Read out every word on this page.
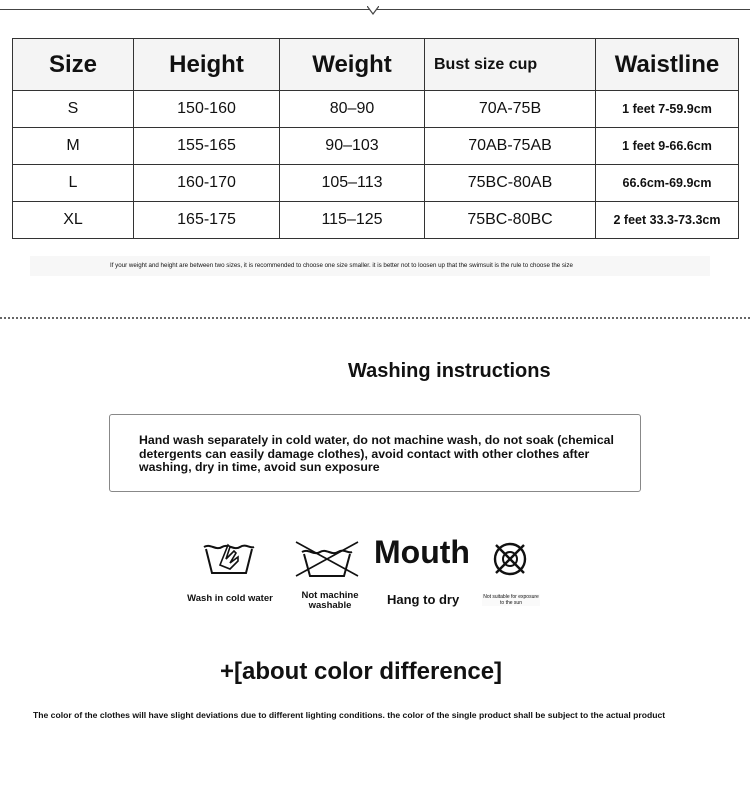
Size	Height	Weight	Bust size cup	Waistline
S	150-160	80–90	70A-75B	1 feet 7-59.9cm
M	155-165	90–103	70AB-75AB	1 feet 9-66.6cm
L	160-170	105–113	75BC-80AB	66.6cm-69.9cm
XL	165-175	115–125	75BC-80BC	2 feet 33.3-73.3cm
If your weight and height are between two sizes, it is recommended to choose one size smaller. it is better not to loosen up that the swimsuit is the rule to choose the size
Washing instructions
Hand wash separately in cold water, do not machine wash, do not soak (chemical detergents can easily damage clothes), avoid contact with other clothes after washing, dry in time, avoid sun exposure
Wash in cold water	Not machine washable
Mouth
Hang to dry	Not suitable for exposure to the sun
+[about color difference]
The color of the clothes will have slight deviations due to different lighting conditions. the color of the single product shall be subject to the actual product
